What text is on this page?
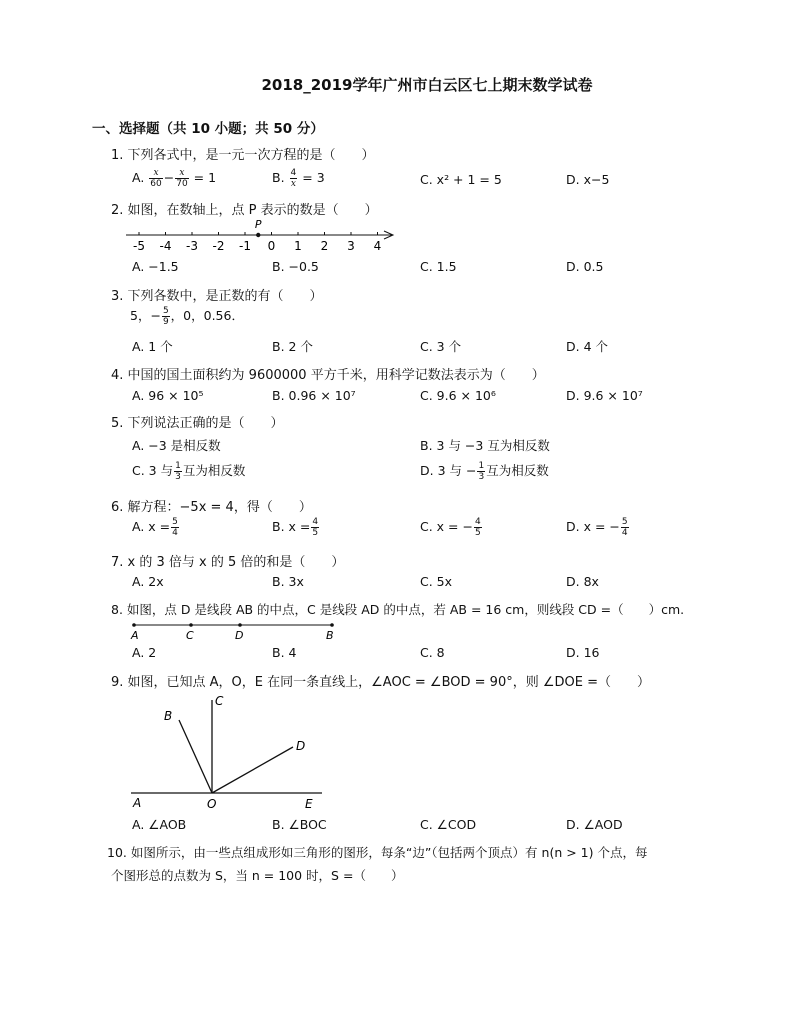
2018_2019学年广州市白云区七上期末数学试卷
一、选择题（共 10 小题；共 50 分）
1. 下列各式中，是一元一次方程的是（　　）
A. $\frac{x}{60} - \frac{x}{70} = 1$	B. $\frac{4}{x} = 3$	C. x² + 1 = 5	D. x−5
2. 如图，在数轴上，点 P 表示的数是（　　）
-5 -4 -3 -2 -1 0 1 2 3 4
P
A. −1.5	B. −0.5	C. 1.5	D. 0.5
3. 下列各数中，是正数的有（　　）
5，− $\frac{5}{9}$ ，0，0.56．
A. 1 个	B. 2 个	C. 3 个	D. 4 个
4. 中国的国土面积约为 9600000 平方千米，用科学记数法表示为（　　）
A. 96 × 10⁵	B. 0.96 × 10⁷	C. 9.6 × 10⁶	D. 9.6 × 10⁷
5. 下列说法正确的是（　　）
A. −3 是相反数	B. 3 与 −3 互为相反数
C. 3 与 $\frac{1}{3}$ 互为相反数	D. 3 与 − $\frac{1}{3}$ 互为相反数
6. 解方程：−5x = 4，得（　　）
A. $x = \frac{5}{4}$	B. $x = \frac{4}{5}$	C. x = − $\frac{4}{5}$	D. x = − $\frac{5}{4}$
7. x 的 3 倍与 x 的 5 倍的和是（　　）
A. 2x	B. 3x	C. 5x	D. 8x
8. 如图，点 D 是线段 AB 的中点，C 是线段 AD 的中点，若 AB = 16 cm，则线段 CD =（　　）cm.
A	C	D	B
A. 2	B. 4	C. 8	D. 16
9. 如图，已知点 A，O，E 在同一条直线上，∠AOC = ∠BOD = 90°，则 ∠DOE =（　　）
A
B
C
D
O	E
A. ∠AOB	B. ∠BOC	C. ∠COD	D. ∠AOD
10. 如图所示，由一些点组成形如三角形的图形，每条“边”（包括两个顶点）有 n(n > 1) 个点，每
个图形总的点数为 S，当 n = 100 时，S =（　　）
